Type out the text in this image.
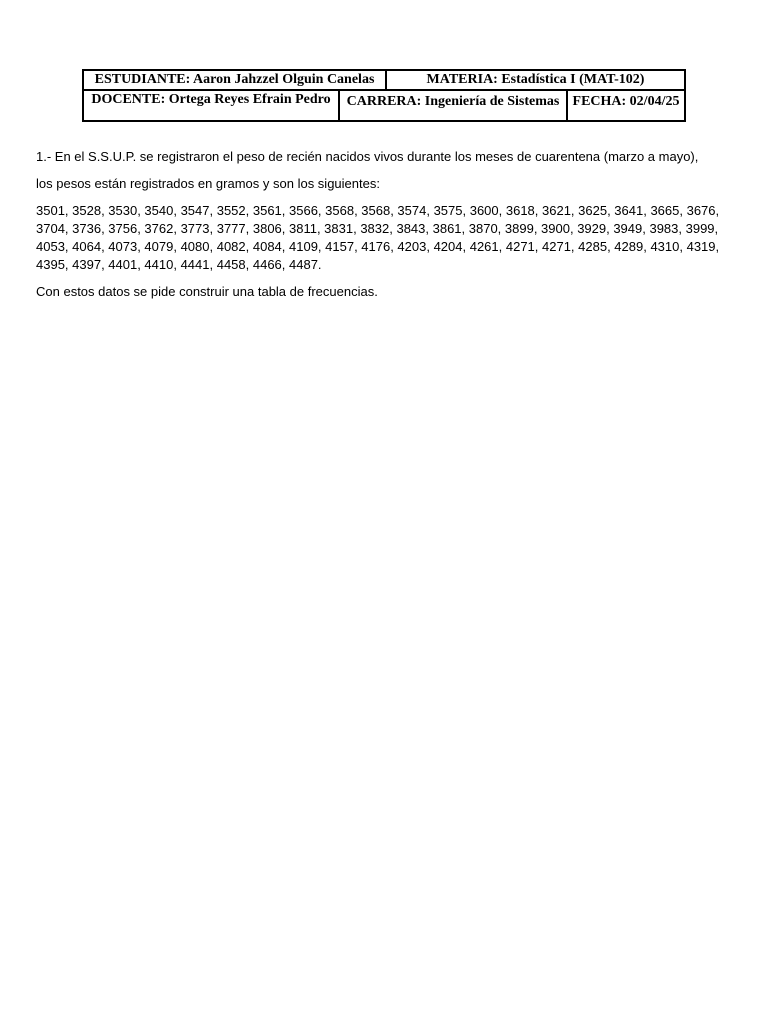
ESTUDIANTE: Aaron Jahzzel Olguin Canelas	MATERIA: Estadística I (MAT-102)
DOCENTE: Ortega Reyes Efrain Pedro	CARRERA: Ingeniería de Sistemas FECHA: 02/04/25

1.- En el S.S.U.P. se registraron el peso de recién nacidos vivos durante los meses de cuarentena (marzo a mayo),

los pesos están registrados en gramos y son los siguientes:

3501, 3528, 3530, 3540, 3547, 3552, 3561, 3566, 3568, 3568, 3574, 3575, 3600, 3618, 3621, 3625, 3641, 3665, 3676, 3704, 3736, 3756, 3762, 3773, 3777, 3806, 3811, 3831, 3832, 3843, 3861, 3870, 3899, 3900, 3929, 3949, 3983, 3999, 4053, 4064, 4073, 4079, 4080, 4082, 4084, 4109, 4157, 4176, 4203, 4204, 4261, 4271, 4271, 4285, 4289, 4310, 4319, 4395, 4397, 4401, 4410, 4441, 4458, 4466, 4487.

Con estos datos se pide construir una tabla de frecuencias.
